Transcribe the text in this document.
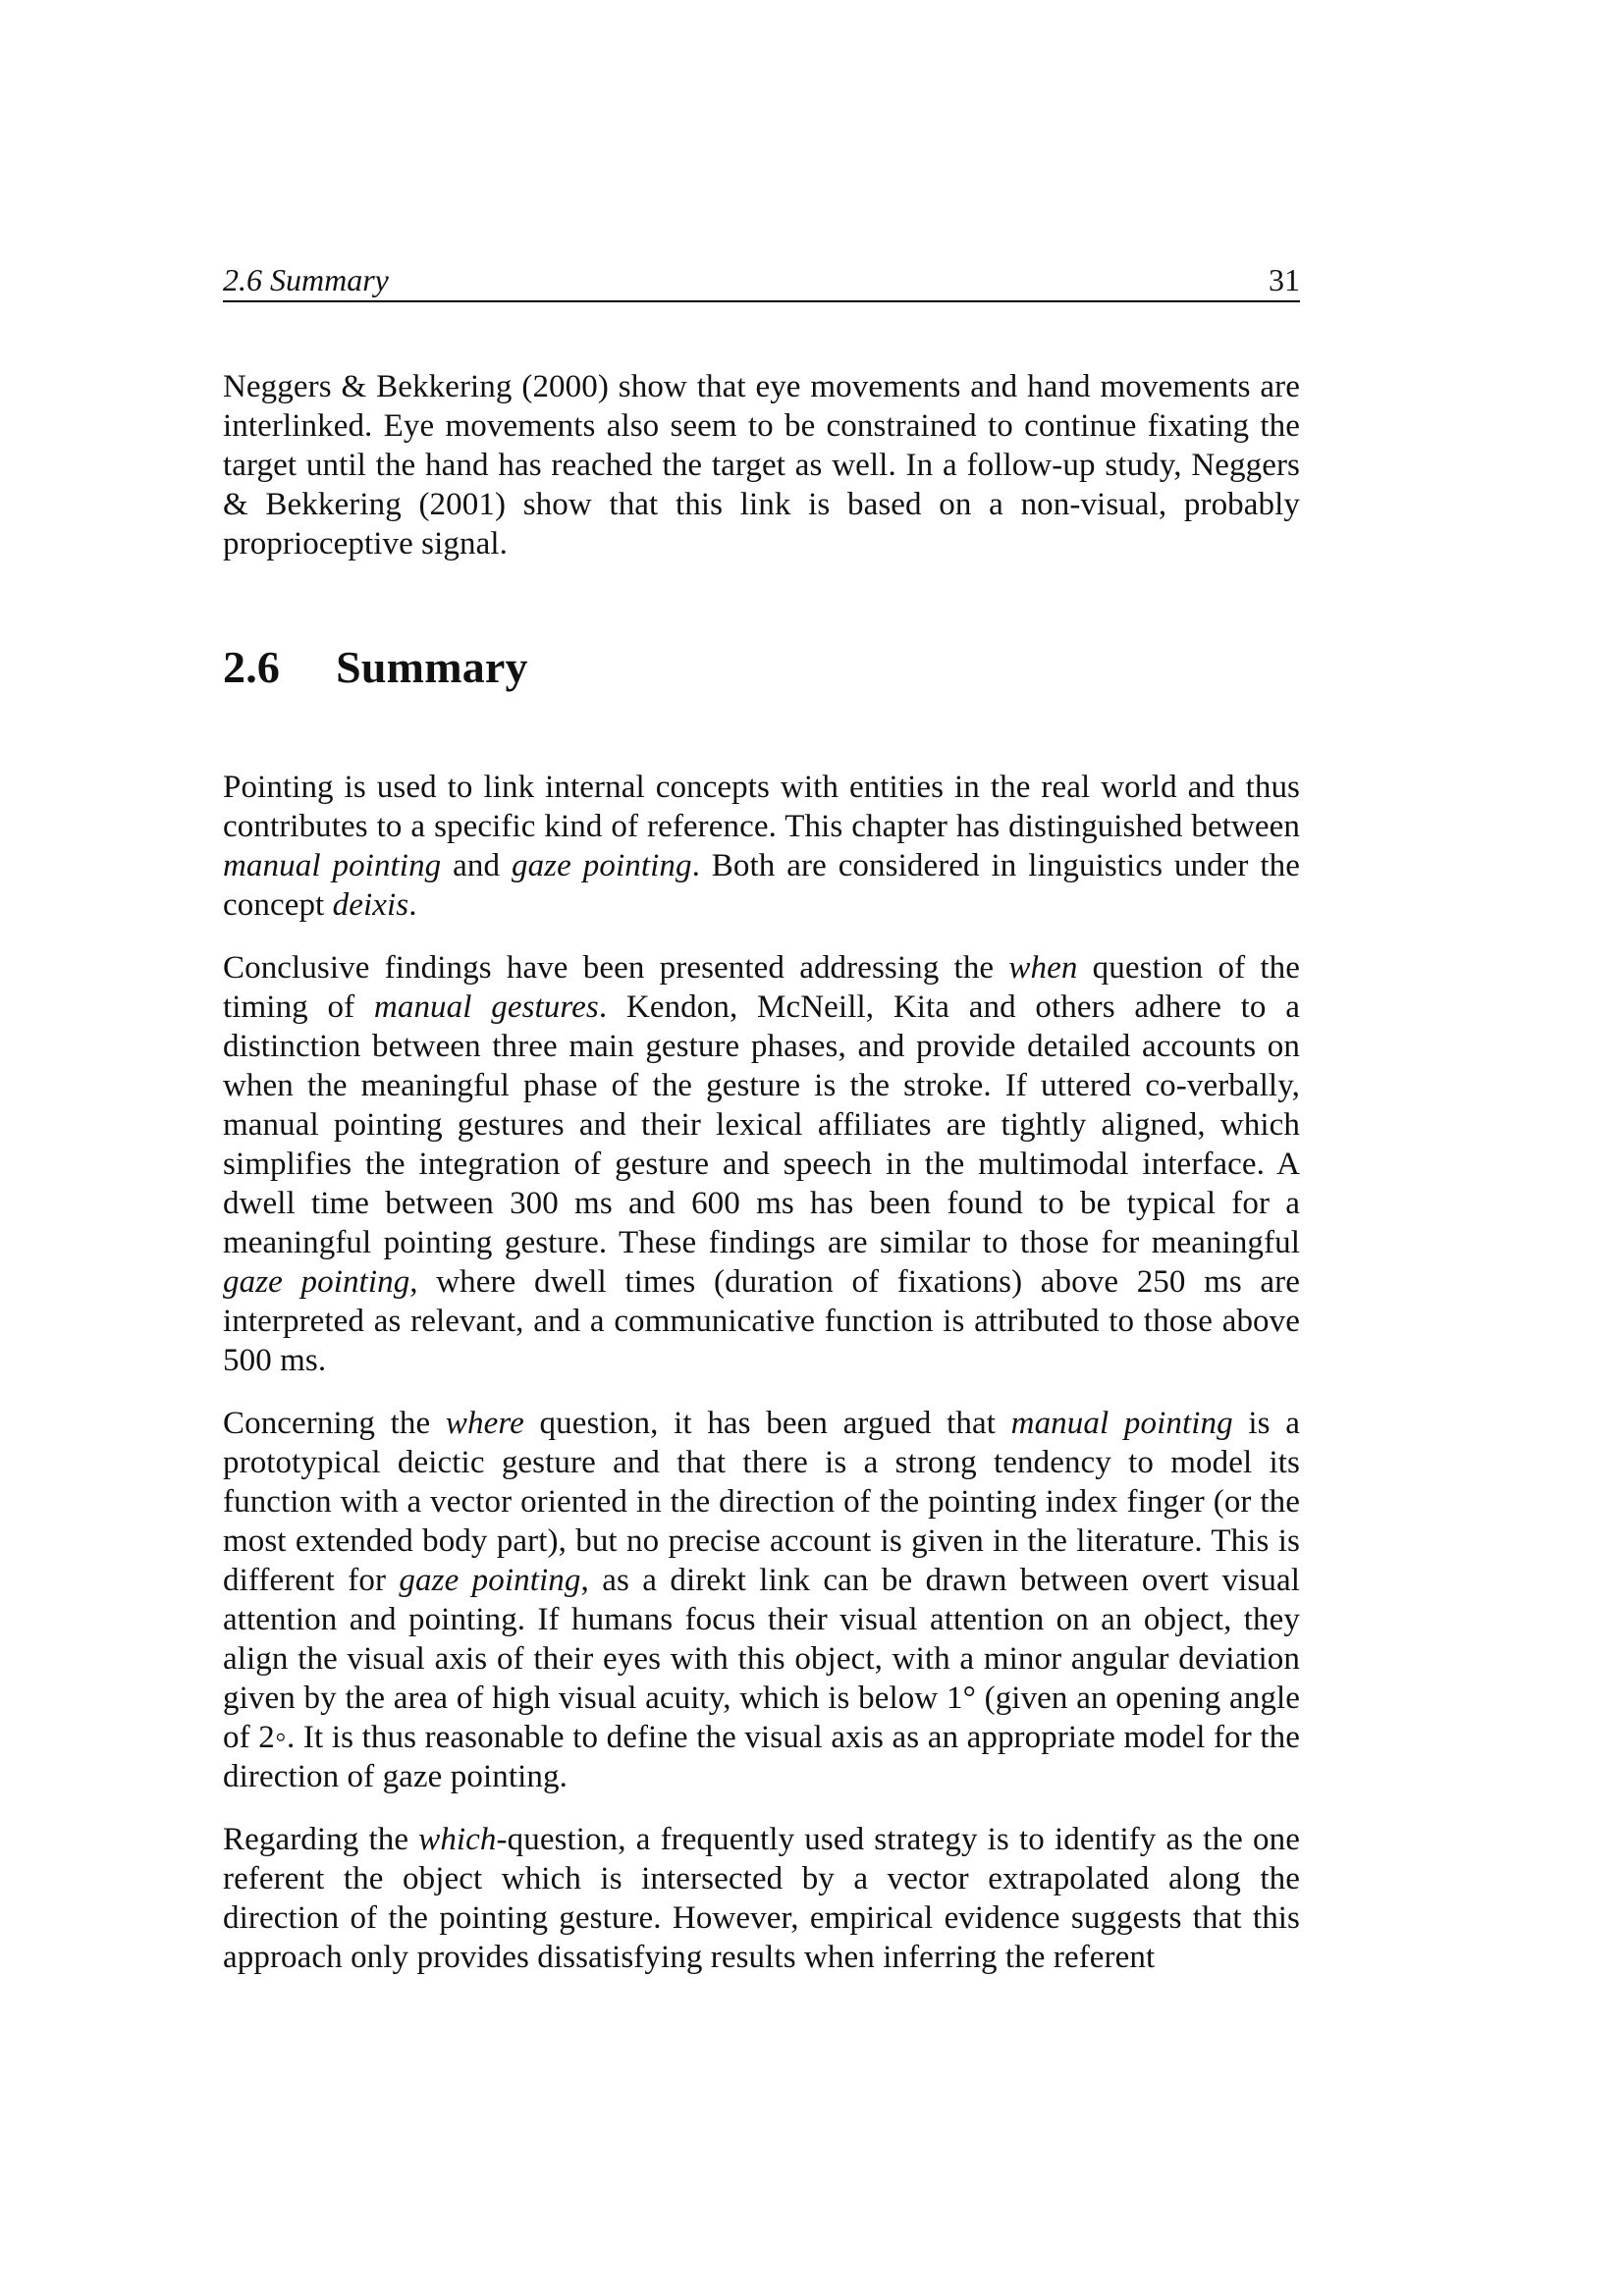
2.6 Summary	31

Neggers & Bekkering (2000) show that eye movements and hand movements are interlinked. Eye movements also seem to be constrained to continue fixating the target until the hand has reached the target as well. In a follow-up study, Neggers & Bekkering (2001) show that this link is based on a non-visual, probably proprioceptive signal.

2.6 Summary

Pointing is used to link internal concepts with entities in the real world and thus contributes to a specific kind of reference. This chapter has distinguished between manual pointing and gaze pointing. Both are considered in linguistics under the concept deixis.

Conclusive findings have been presented addressing the when question of the timing of manual gestures. Kendon, McNeill, Kita and others adhere to a distinction between three main gesture phases, and provide detailed accounts on when the meaningful phase of the gesture is the stroke. If uttered co-verbally, manual pointing gestures and their lexical affiliates are tightly aligned, which simplifies the integration of gesture and speech in the multimodal interface. A dwell time between 300 ms and 600 ms has been found to be typical for a meaningful pointing gesture. These findings are similar to those for meaningful gaze pointing, where dwell times (duration of fixations) above 250 ms are interpreted as relevant, and a communicative function is attributed to those above 500 ms.

Concerning the where question, it has been argued that manual pointing is a prototypical deictic gesture and that there is a strong tendency to model its function with a vector oriented in the direction of the pointing index finger (or the most extended body part), but no precise account is given in the literature. This is different for gaze pointing, as a direkt link can be drawn between overt visual attention and pointing. If humans focus their visual attention on an object, they align the visual axis of their eyes with this object, with a minor angular deviation given by the area of high visual acuity, which is below 1° (given an opening angle of 2◦. It is thus reasonable to define the visual axis as an appropriate model for the direction of gaze pointing.

Regarding the which-question, a frequently used strategy is to identify as the one referent the object which is intersected by a vector extrapolated along the direction of the pointing gesture. However, empirical evidence suggests that this approach only provides dissatisfying results when inferring the referent
